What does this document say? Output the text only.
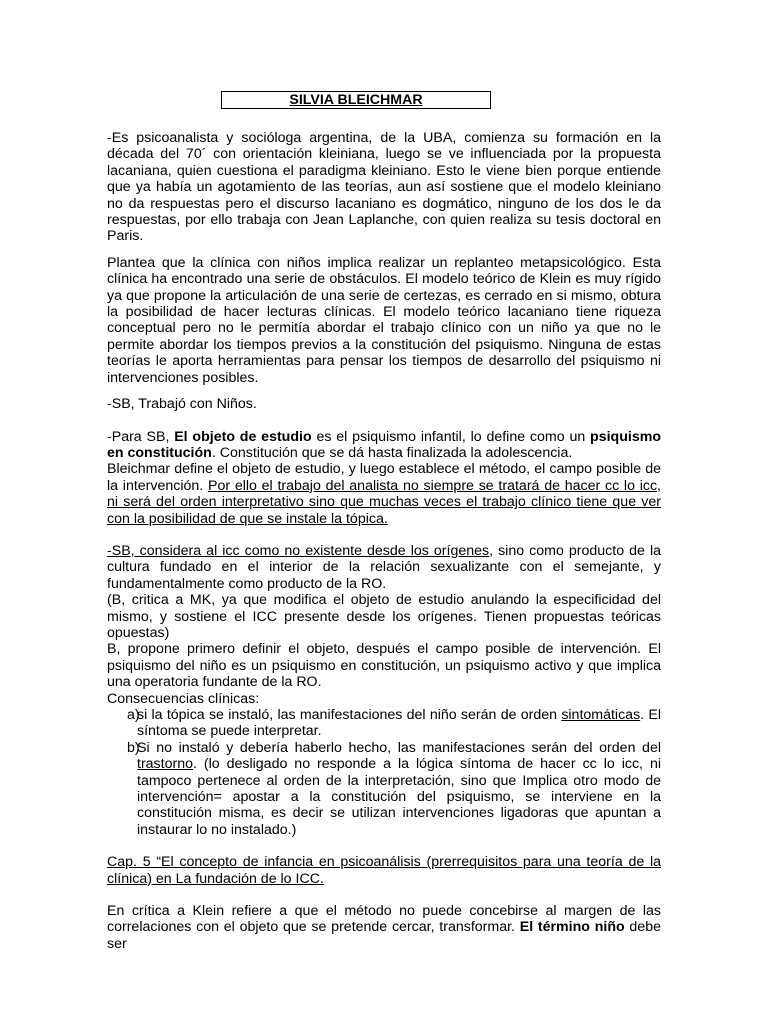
SILVIA BLEICHMAR

-Es psicoanalista y socióloga argentina, de la UBA, comienza su formación en la década del 70´ con orientación kleiniana, luego se ve influenciada por la propuesta lacaniana, quien cuestiona el paradigma kleiniano. Esto le viene bien porque entiende que ya había un agotamiento de las teorías, aun así sostiene que el modelo kleiniano no da respuestas pero el discurso lacaniano es dogmático, ninguno de los dos le da respuestas, por ello trabaja con Jean Laplanche, con quien realiza su tesis doctoral en Paris.

Plantea que la clínica con niños implica realizar un replanteo metapsicológico. Esta clínica ha encontrado una serie de obstáculos. El modelo teórico de Klein es muy rígido ya que propone la articulación de una serie de certezas, es cerrado en si mismo, obtura la posibilidad de hacer lecturas clínicas. El modelo teórico lacaniano tiene riqueza conceptual pero no le permitía abordar el trabajo clínico con un niño ya que no le permite abordar los tiempos previos a la constitución del psiquismo. Ninguna de estas teorías le aporta herramientas para pensar los tiempos de desarrollo del psiquismo ni intervenciones posibles.

-SB, Trabajó con Niños.

-Para SB, El objeto de estudio es el psiquismo infantil, lo define como un psiquismo en constitución. Constitución que se dá hasta finalizada la adolescencia.

Bleichmar define el objeto de estudio, y luego establece el método, el campo posible de la intervención. Por ello el trabajo del analista no siempre se tratará de hacer cc lo icc, ni será del orden interpretativo sino que muchas veces el trabajo clínico tiene que ver con la posibilidad de que se instale la tópica.

-SB, considera al icc como no existente desde los orígenes, sino como producto de la cultura fundado en el interior de la relación sexualizante con el semejante, y fundamentalmente como producto de la RO.

(B, critica a MK, ya que modifica el objeto de estudio anulando la especificidad del mismo, y sostiene el ICC presente desde los orígenes. Tienen propuestas teóricas opuestas)

B, propone primero definir el objeto, después el campo posible de intervención. El psiquismo del niño es un psiquismo en constitución, un psiquismo activo y que implica una operatoria fundante de la RO.

Consecuencias clínicas:

a)
si la tópica se instaló, las manifestaciones del niño serán de orden sintomáticas. El síntoma se puede interpretar.
b)
Si no instaló y debería haberlo hecho, las manifestaciones serán del orden del trastorno. (lo desligado no responde a la lógica síntoma de hacer cc lo icc, ni tampoco pertenece al orden de la interpretación, sino que Implica otro modo de intervención= apostar a la constitución del psiquismo, se interviene en la constitución misma, es decir se utilizan intervenciones ligadoras que apuntan a instaurar lo no instalado.)

Cap. 5 “El concepto de infancia en psicoanálisis (prerrequisitos para una teoría de la clínica) en La fundación de lo ICC.

En crítica a Klein refiere a que el método no puede concebirse al margen de las correlaciones con el objeto que se pretende cercar, transformar. El término niño debe ser
